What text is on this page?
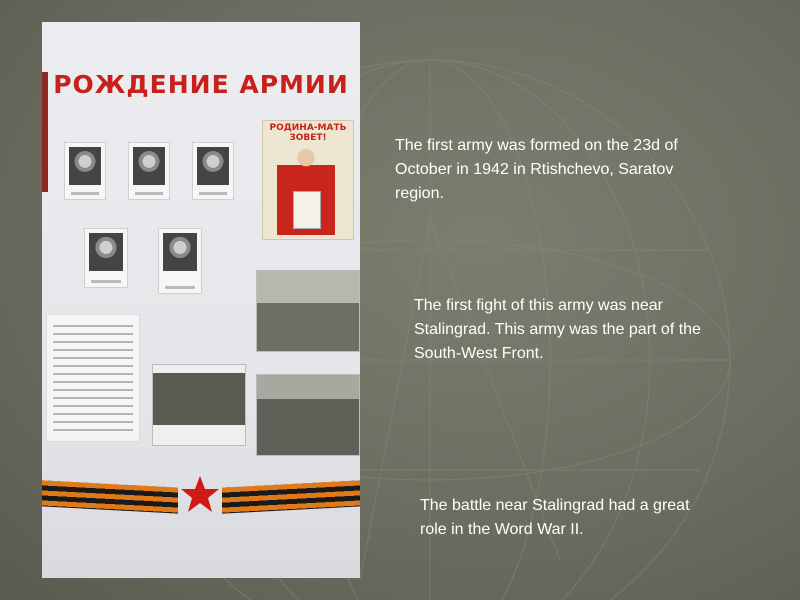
РОЖДЕНИЕ АРМИИ
РОДИНА-МАТЬ ЗОВЕТ!	The first army was formed on the 23d of October in 1942 in Rtishchevo, Saratov region.
The first fight of this army was near Stalingrad. This army was the part of the South-West Front.
The battle near Stalingrad had a great role in the Word War II.
